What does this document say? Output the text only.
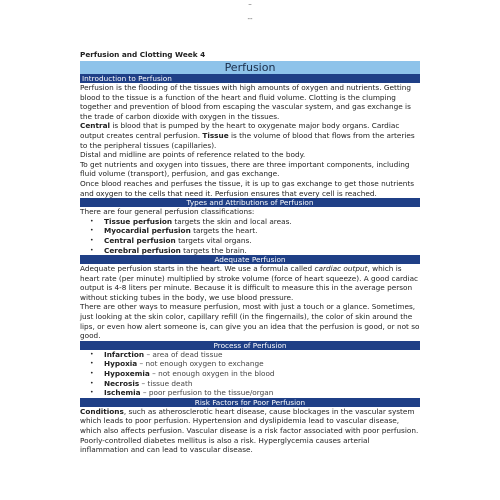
–
--
Perfusion and Clotting Week 4
Perfusion
Introduction to Perfusion

Perfusion is the flooding of the tissues with high amounts of oxygen and nutrients. Getting blood to the tissue is a function of the heart and fluid volume. Clotting is the clumping together and prevention of blood from escaping the vascular system, and gas exchange is the trade of carbon dioxide with oxygen in the tissues.

Central is blood that is pumped by the heart to oxygenate major body organs. Cardiac output creates central perfusion. Tissue is the volume of blood that flows from the arteries to the peripheral tissues (capillaries).

Distal and midline are points of reference related to the body.

To get nutrients and oxygen into tissues, there are three important components, including fluid volume (transport), perfusion, and gas exchange.

Once blood reaches and perfuses the tissue, it is up to gas exchange to get those nutrients and oxygen to the cells that need it. Perfusion ensures that every cell is reached.

Types and Attributions of Perfusion

There are four general perfusion classifications:

• Tissue perfusion targets the skin and local areas.
• Myocardial perfusion targets the heart.
• Central perfusion targets vital organs.
• Cerebral perfusion targets the brain.
Adequate Perfusion

Adequate perfusion starts in the heart. We use a formula called cardiac output, which is heart rate (per minute) multiplied by stroke volume (force of heart squeeze). A good cardiac output is 4-8 liters per minute. Because it is difficult to measure this in the average person without sticking tubes in the body, we use blood pressure.

There are other ways to measure perfusion, most with just a touch or a glance. Sometimes, just looking at the skin color, capillary refill (in the fingernails), the color of skin around the lips, or even how alert someone is, can give you an idea that the perfusion is good, or not so good.

Process of Perfusion
• Infarction – area of dead tissue
• Hypoxia – not enough oxygen to exchange
• Hypoxemia – not enough oxygen in the blood
• Necrosis – tissue death
• Ischemia – poor perfusion to the tissue/organ
Risk Factors for Poor Perfusion

Conditions, such as atherosclerotic heart disease, cause blockages in the vascular system which leads to poor perfusion. Hypertension and dyslipidemia lead to vascular disease, which also affects perfusion. Vascular disease is a risk factor associated with poor perfusion. Poorly-controlled diabetes mellitus is also a risk. Hyperglycemia causes arterial inflammation and can lead to vascular disease.
